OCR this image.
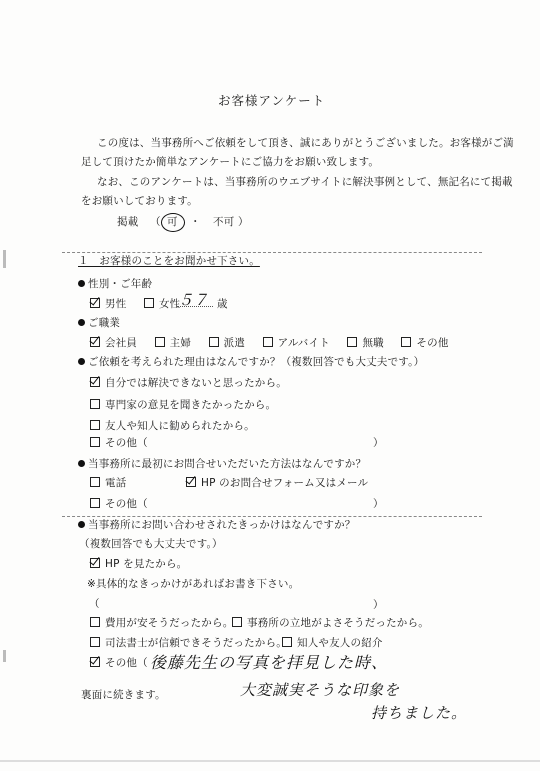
お客様アンケート
この度は、当事務所へご依頼をして頂き、誠にありがとうございました。お客様がご満
足して頂けたか簡単なアンケートにご協力をお願い致します。
なお、このアンケートは、当事務所のウエブサイトに解決事例として、無記名にて掲載
をお願いしております。
掲載 （ 可 ・ 不可 ）
１　お客様のことをお聞かせ下さい。
性別・ご年齢
男性	女性
５７ 歳
ご職業
会社員	主婦	派遣	アルバイト	無職	その他
ご依頼を考えられた理由はなんですか？（複数回答でも大丈夫です。）
自分では解決できないと思ったから。
専門家の意見を聞きたかったから。
友人や知人に勧められたから。
その他（	）
当事務所に最初にお問合せいただいた方法はなんですか？
電話	HP のお問合せフォーム又はメール
その他（	）
当事務所にお問い合わせされたきっかけはなんですか？
（複数回答でも大丈夫です。）
HP を見たから。
※具体的なきっかけがあればお書き下さい。
（	）
費用が安そうだったから。	事務所の立地がよさそうだったから。
司法書士が信頼できそうだったから。 知人や友人の紹介
その他（ 後藤先生の写真を拝見した時、
大変誠実そうな印象を
持ちました。
裏面に続きます。
